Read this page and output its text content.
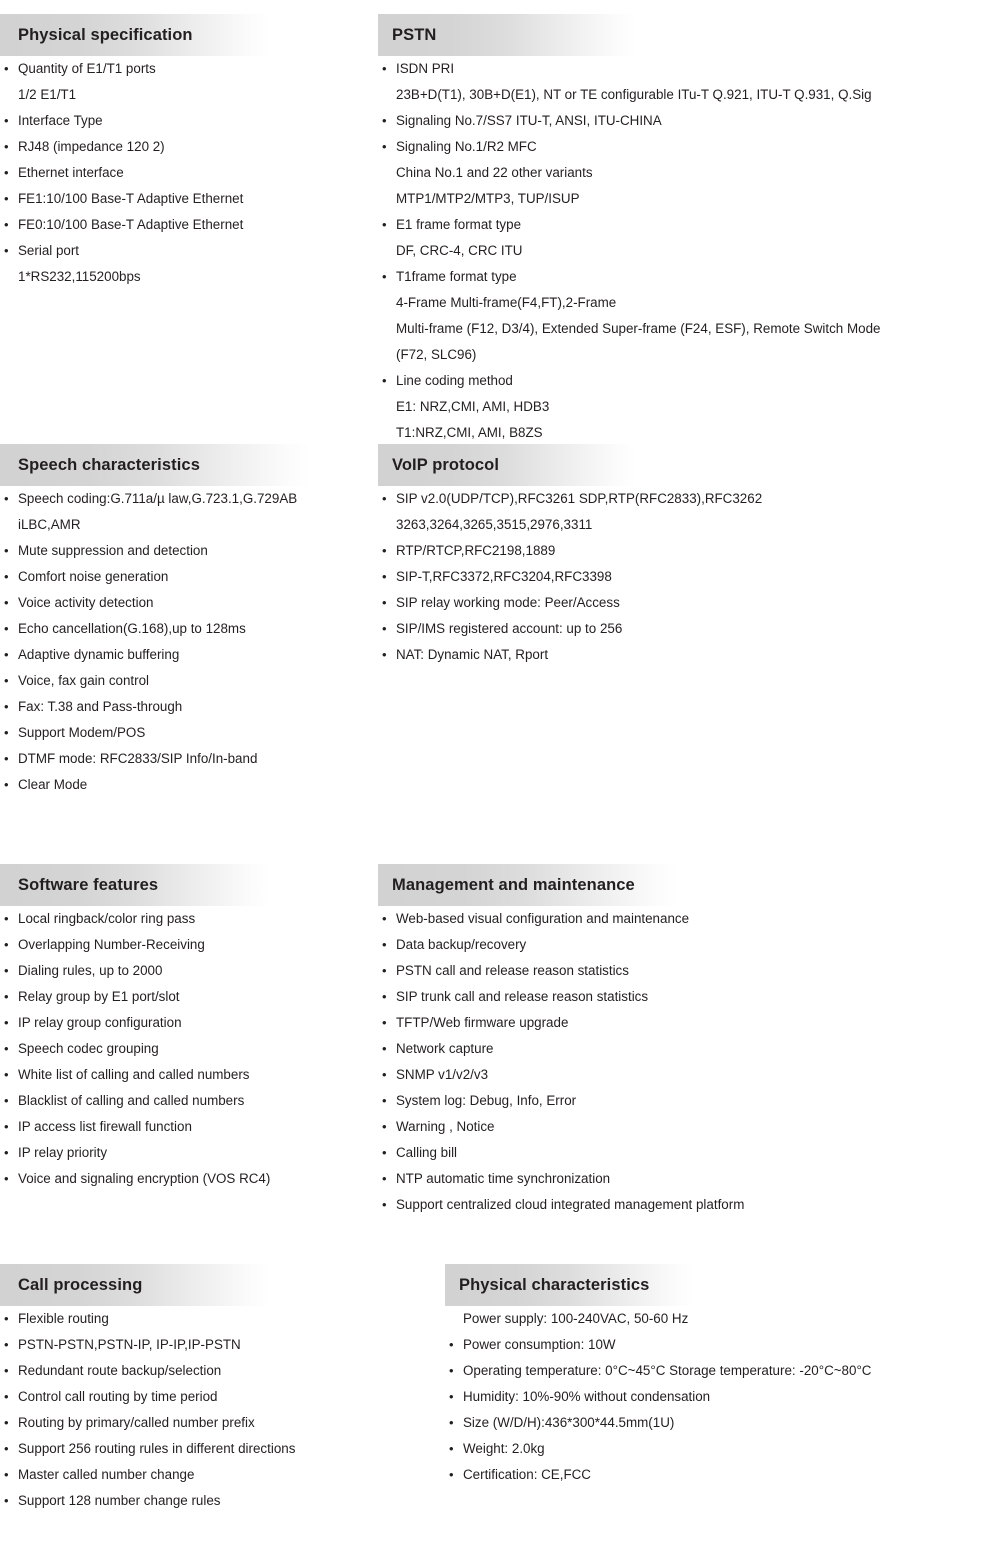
Physical specification
• Quantity of E1/T1 ports
1/2 E1/T1
• Interface Type
• RJ48 (impedance 120 2)
• Ethernet interface
• FE1:10/100 Base-T Adaptive Ethernet
• FE0:10/100 Base-T Adaptive Ethernet
• Serial port
1*RS232,115200bps
PSTN
• ISDN PRI
23B+D(T1), 30B+D(E1), NT or TE configurable ITu-T Q.921, ITU-T Q.931, Q.Sig
• Signaling No.7/SS7 ITU-T, ANSI, ITU-CHINA
• Signaling No.1/R2 MFC
China No.1 and 22 other variants
MTP1/MTP2/MTP3, TUP/ISUP
• E1 frame format type
DF, CRC-4, CRC ITU
• T1frame format type
4-Frame Multi-frame(F4,FT),2-Frame
Multi-frame (F12, D3/4), Extended Super-frame (F24, ESF), Remote Switch Mode
(F72, SLC96)
• Line coding method
E1: NRZ,CMI, AMI, HDB3
T1:NRZ,CMI, AMI, B8ZS
Speech characteristics
• Speech coding:G.711a/µ law,G.723.1,G.729AB
iLBC,AMR
• Mute suppression and detection
• Comfort noise generation
• Voice activity detection
• Echo cancellation(G.168),up to 128ms
• Adaptive dynamic buffering
• Voice, fax gain control
• Fax: T.38 and Pass-through
• Support Modem/POS
• DTMF mode: RFC2833/SIP Info/In-band
• Clear Mode
VoIP protocol
• SIP v2.0(UDP/TCP),RFC3261 SDP,RTP(RFC2833),RFC3262
3263,3264,3265,3515,2976,3311
• RTP/RTCP,RFC2198,1889
• SIP-T,RFC3372,RFC3204,RFC3398
• SIP relay working mode: Peer/Access
• SIP/IMS registered account: up to 256
• NAT: Dynamic NAT, Rport
Software features
• Local ringback/color ring pass
• Overlapping Number-Receiving
• Dialing rules, up to 2000
• Relay group by E1 port/slot
• IP relay group configuration
• Speech codec grouping
• White list of calling and called numbers
• Blacklist of calling and called numbers
• IP access list firewall function
• IP relay priority
• Voice and signaling encryption (VOS RC4)
Management and maintenance
• Web-based visual configuration and maintenance
• Data backup/recovery
• PSTN call and release reason statistics
• SIP trunk call and release reason statistics
• TFTP/Web firmware upgrade
• Network capture
• SNMP v1/v2/v3
• System log: Debug, Info, Error
• Warning , Notice
• Calling bill
• NTP automatic time synchronization
• Support centralized cloud integrated management platform
Call processing
• Flexible routing
• PSTN-PSTN,PSTN-IP, IP-IP,IP-PSTN
• Redundant route backup/selection
• Control call routing by time period
• Routing by primary/called number prefix
• Support 256 routing rules in different directions
• Master called number change
• Support 128 number change rules
Physical characteristics
Power supply: 100-240VAC, 50-60 Hz
• Power consumption: 10W
• Operating temperature: 0°C~45°C Storage temperature: -20°C~80°C
• Humidity: 10%-90% without condensation
• Size (W/D/H):436*300*44.5mm(1U)
• Weight: 2.0kg
• Certification: CE,FCC
